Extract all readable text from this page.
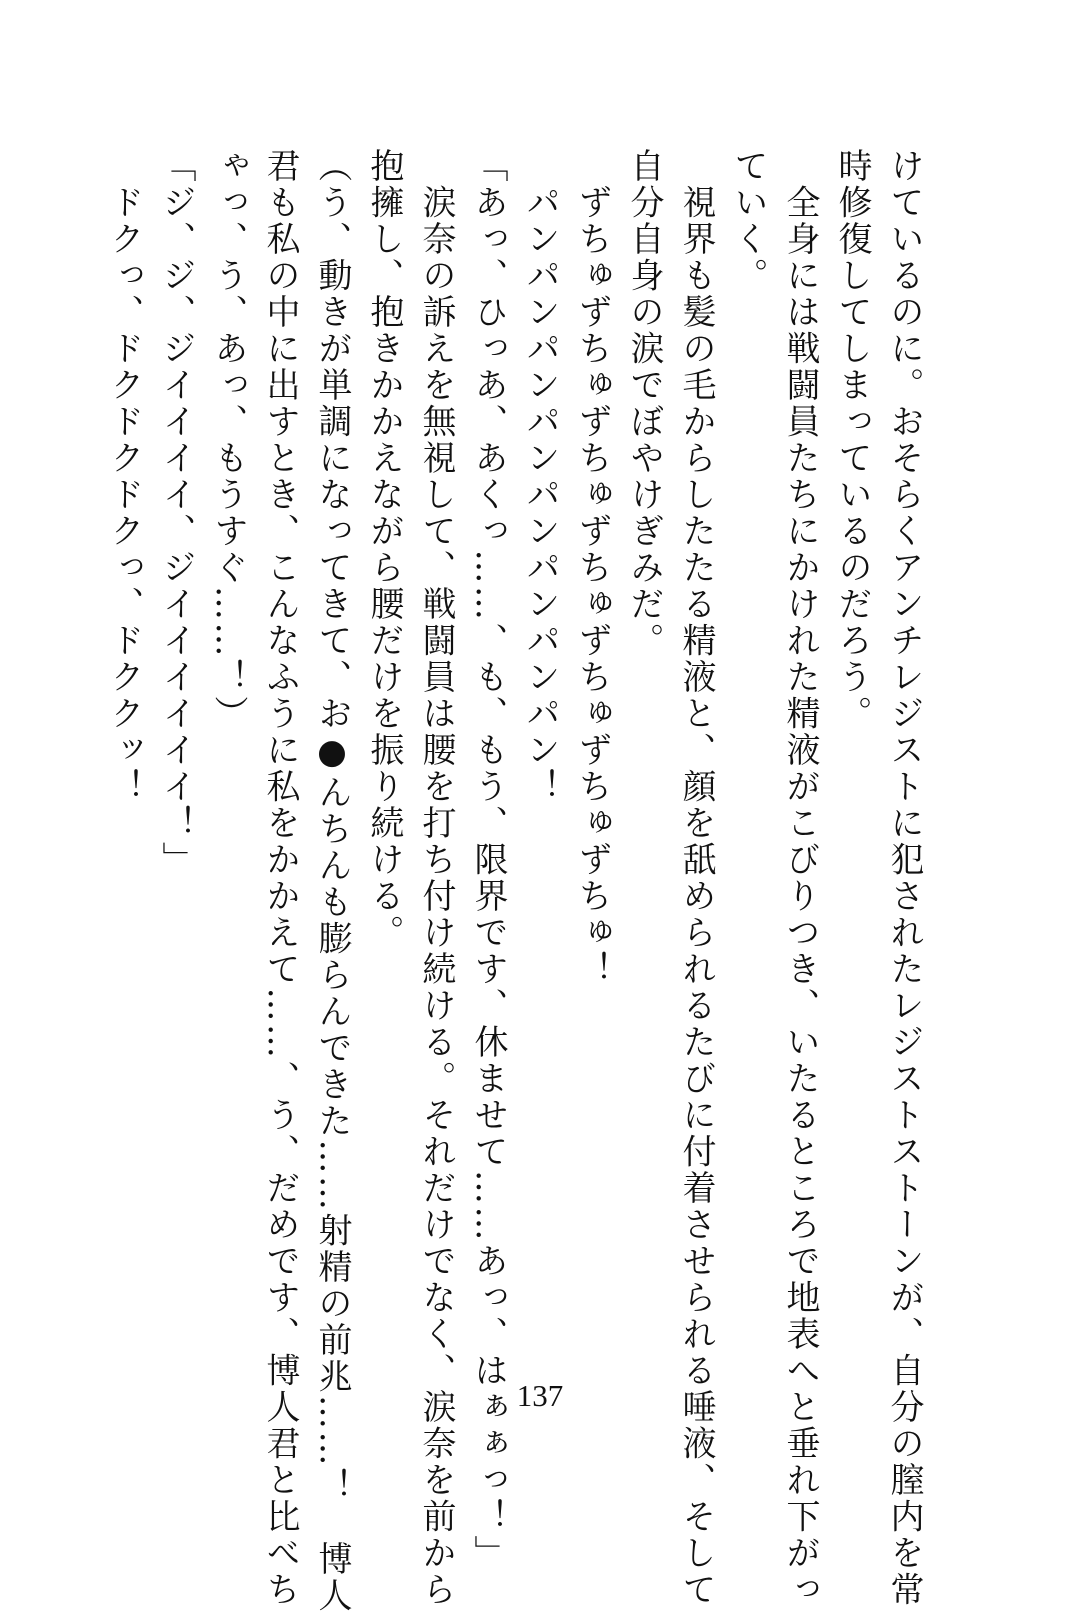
けているのに。おそらくアンチレジストに犯されたレジストストーンが、自分の膣内を常
時修復してしまっているのだろう。
　全身には戦闘員たちにかけれた精液がこびりつき、いたるところで地表へと垂れ下がっ
ていく。
　視界も髪の毛からしたたる精液と、顔を舐められるたびに付着させられる唾液、そして
自分自身の涙でぼやけぎみだ。
　ずちゅずちゅずちゅずちゅずちゅずちゅずちゅ！
　パンパンパンパンパンパンパンパン！
「あっ、ひっあ、あくっ……、も、もう、限界です、休ませて……あっ、はぁぁっ！」
　涙奈の訴えを無視して、戦闘員は腰を打ち付け続ける。それだけでなく、涙奈を前から
抱擁し、抱きかかえながら腰だけを振り続ける。
（う、動きが単調になってきて、お●んちんも膨らんできた……射精の前兆……！　博人
君も私の中に出すとき、こんなふうに私をかかえて……、う、だめです、博人君と比べち
ゃっ、う、あっ、もうすぐ……！）
「ジ、ジ、ジイイイイ、ジイイイイイイ！」
　ドクっ、ドクドクドクっ、ドククッ！
137
